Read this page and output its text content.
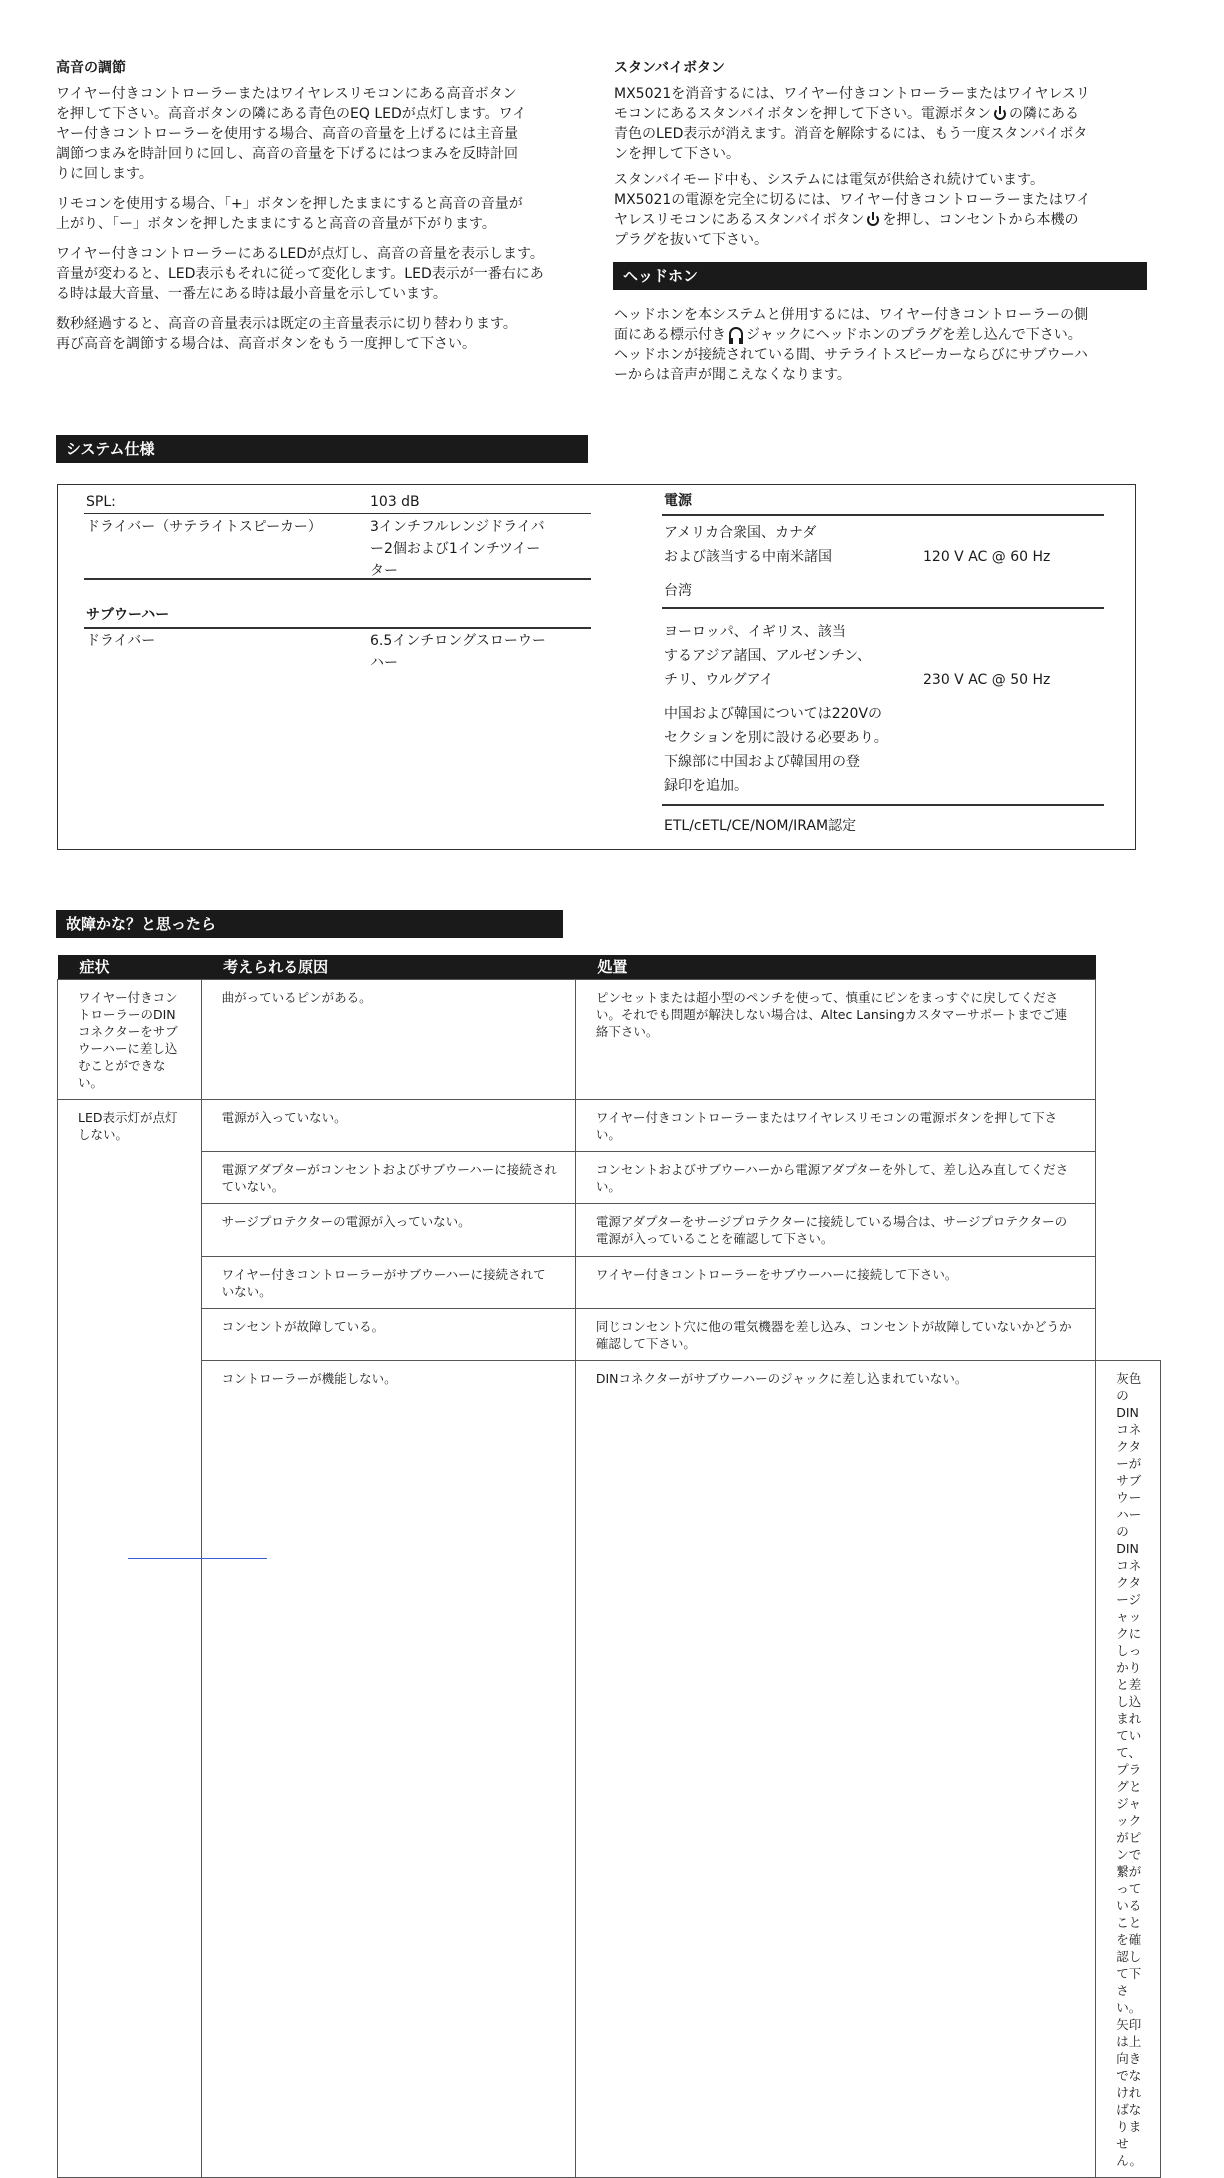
高音の調節

ワイヤー付きコントローラーまたはワイヤレスリモコンにある高音ボタン
を押して下さい。高音ボタンの隣にある青色のEQ LEDが点灯します。ワイ
ヤー付きコントローラーを使用する場合、高音の音量を上げるには主音量
調節つまみを時計回りに回し、高音の音量を下げるにはつまみを反時計回
りに回します。

リモコンを使用する場合、「+」ボタンを押したままにすると高音の音量が
上がり、「ー」ボタンを押したままにすると高音の音量が下がります。

ワイヤー付きコントローラーにあるLEDが点灯し、高音の音量を表示します。
音量が変わると、LED表示もそれに従って変化します。LED表示が一番右にあ
る時は最大音量、一番左にある時は最小音量を示しています。

数秒経過すると、高音の音量表示は既定の主音量表示に切り替わります。
再び高音を調節する場合は、高音ボタンをもう一度押して下さい。

スタンバイボタン

MX5021を消音するには、ワイヤー付きコントローラーまたはワイヤレスリ
モコンにあるスタンバイボタンを押して下さい。電源ボタン の隣にある
青色のLED表示が消えます。消音を解除するには、もう一度スタンバイボタ
ンを押して下さい。

スタンバイモード中も、システムには電気が供給され続けています。
MX5021の電源を完全に切るには、ワイヤー付きコントローラーまたはワイ
ヤレスリモコンにあるスタンバイボタン を押し、コンセントから本機の
プラグを抜いて下さい。

ヘッドホン

ヘッドホンを本システムと併用するには、ワイヤー付きコントローラーの側
面にある標示付き ジャックにヘッドホンのプラグを差し込んで下さい。
ヘッドホンが接続されている間、サテライトスピーカーならびにサブウーハ
ーからは音声が聞こえなくなります。

システム仕様
SPL:	103 dB
ドライバー（サテライトスピーカー）	3インチフルレンジドライバ
ー2個および1インチツイー
ター
サブウーハー
ドライバー	6.5インチロングスローウー
ハー
電源
アメリカ合衆国、カナダ
および該当する中南米諸国	120 V AC @ 60 Hz
台湾
ヨーロッパ、イギリス、該当
するアジア諸国、アルゼンチン、
チリ、ウルグアイ	230 V AC @ 50 Hz
中国および韓国については220Vの
セクションを別に設ける必要あり。
下線部に中国および韓国用の登
録印を追加。
ETL/cETL/CE/NOM/IRAM認定
故障かな？と思ったら
症状	考えられる原因	処置	
ワイヤー付きコントローラーのDINコネクターをサブウーハーに差し込むことができない。	曲がっているピンがある。	ピンセットまたは超小型のペンチを使って、慎重にピンをまっすぐに戻してください。それでも問題が解決しない場合は、Altec Lansingカスタマーサポートまでご連絡下さい。	
LED表示灯が点灯しない。	電源が入っていない。	ワイヤー付きコントローラーまたはワイヤレスリモコンの電源ボタンを押して下さい。	
	電源アダプターがコンセントおよびサブウーハーに接続されていない。	コンセントおよびサブウーハーから電源アダプターを外して、差し込み直してください。	
	サージプロテクターの電源が入っていない。	電源アダプターをサージプロテクターに接続している場合は、サージプロテクターの電源が入っていることを確認して下さい。	
	ワイヤー付きコントローラーがサブウーハーに接続されていない。	ワイヤー付きコントローラーをサブウーハーに接続して下さい。	
	コンセントが故障している。	同じコンセント穴に他の電気機器を差し込み、コンセントが故障していないかどうか確認して下さい。	
	コントローラーが機能しない。	DINコネクターがサブウーハーのジャックに差し込まれていない。	灰色のDINコネクターがサブウーハーのDINコネクタージャックにしっかりと差し込まれていて、プラグとジャックがピンで繋がっていることを確認して下さい。矢印は上向きでなければなりません。
